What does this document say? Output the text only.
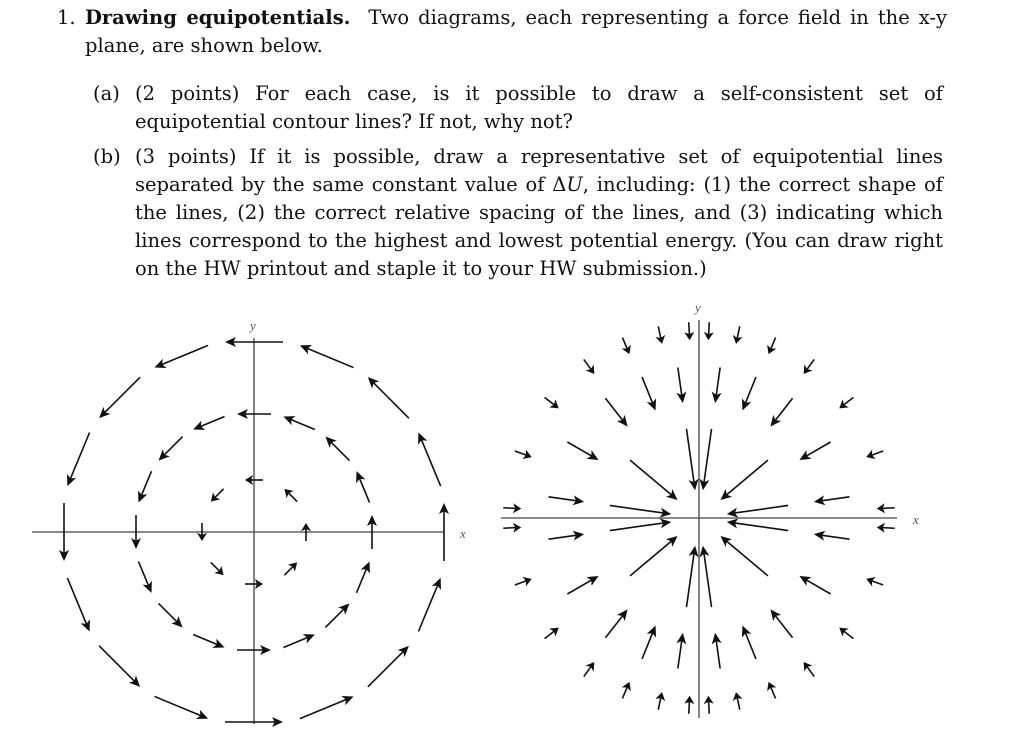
1. Drawing equipotentials. Two diagrams, each representing a force field in the x-y plane, are shown below.
(a) (2 points) For each case, is it possible to draw a self-consistent set of equipotential contour lines? If not, why not?
(b) (3 points) If it is possible, draw a representative set of equipotential lines separated by the same constant value of ΔU, including: (1) the correct shape of the lines, (2) the correct relative spacing of the lines, and (3) indicating which lines correspond to the highest and lowest potential energy. (You can draw right on the HW printout and staple it to your HW submission.)
x
y
x
y
